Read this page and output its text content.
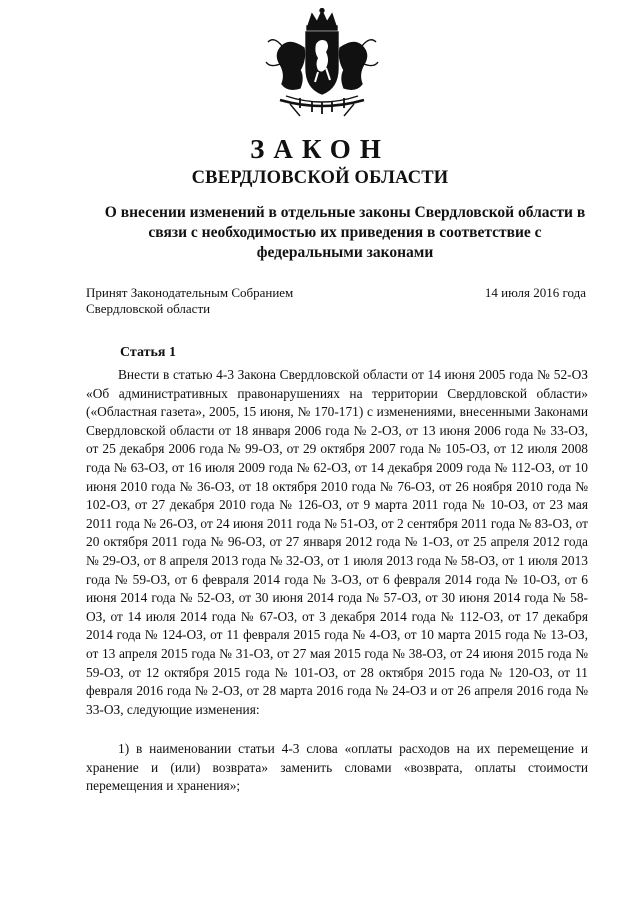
ЗАКОН
СВЕРДЛОВСКОЙ ОБЛАСТИ
О внесении изменений в отдельные законы Свердловской области в связи с необходимостью их приведения в соответствие с федеральными законами
Принят Законодательным Собранием Свердловской области
14 июля 2016 года
Статья 1

Внести в статью 4-3 Закона Свердловской области от 14 июня 2005 года № 52-ОЗ «Об административных правонарушениях на территории Свердловской области» («Областная газета», 2005, 15 июня, № 170-171) с изменениями, внесенными Законами Свердловской области от 18 января 2006 года № 2-ОЗ, от 13 июня 2006 года № 33-ОЗ, от 25 декабря 2006 года № 99-ОЗ, от 29 октября 2007 года № 105-ОЗ, от 12 июля 2008 года № 63-ОЗ, от 16 июля 2009 года № 62-ОЗ, от 14 декабря 2009 года № 112-ОЗ, от 10 июня 2010 года № 36-ОЗ, от 18 октября 2010 года № 76-ОЗ, от 26 ноября 2010 года № 102-ОЗ, от 27 декабря 2010 года № 126-ОЗ, от 9 марта 2011 года № 10-ОЗ, от 23 мая 2011 года № 26-ОЗ, от 24 июня 2011 года № 51-ОЗ, от 2 сентября 2011 года № 83-ОЗ, от 20 октября 2011 года № 96-ОЗ, от 27 января 2012 года № 1-ОЗ, от 25 апреля 2012 года № 29-ОЗ, от 8 апреля 2013 года № 32-ОЗ, от 1 июля 2013 года № 58-ОЗ, от 1 июля 2013 года № 59-ОЗ, от 6 февраля 2014 года № 3-ОЗ, от 6 февраля 2014 года № 10-ОЗ, от 6 июня 2014 года № 52-ОЗ, от 30 июня 2014 года № 57-ОЗ, от 30 июня 2014 года № 58-ОЗ, от 14 июля 2014 года № 67-ОЗ, от 3 декабря 2014 года № 112-ОЗ, от 17 декабря 2014 года № 124-ОЗ, от 11 февраля 2015 года № 4-ОЗ, от 10 марта 2015 года № 13-ОЗ, от 13 апреля 2015 года № 31-ОЗ, от 27 мая 2015 года № 38-ОЗ, от 24 июня 2015 года № 59-ОЗ, от 12 октября 2015 года № 101-ОЗ, от 28 октября 2015 года № 120-ОЗ, от 11 февраля 2016 года № 2-ОЗ, от 28 марта 2016 года № 24-ОЗ и от 26 апреля 2016 года № 33-ОЗ, следующие изменения:

1) в наименовании статьи 4-3 слова «оплаты расходов на их перемещение и хранение и (или) возврата» заменить словами «возврата, оплаты стоимости перемещения и хранения»;
